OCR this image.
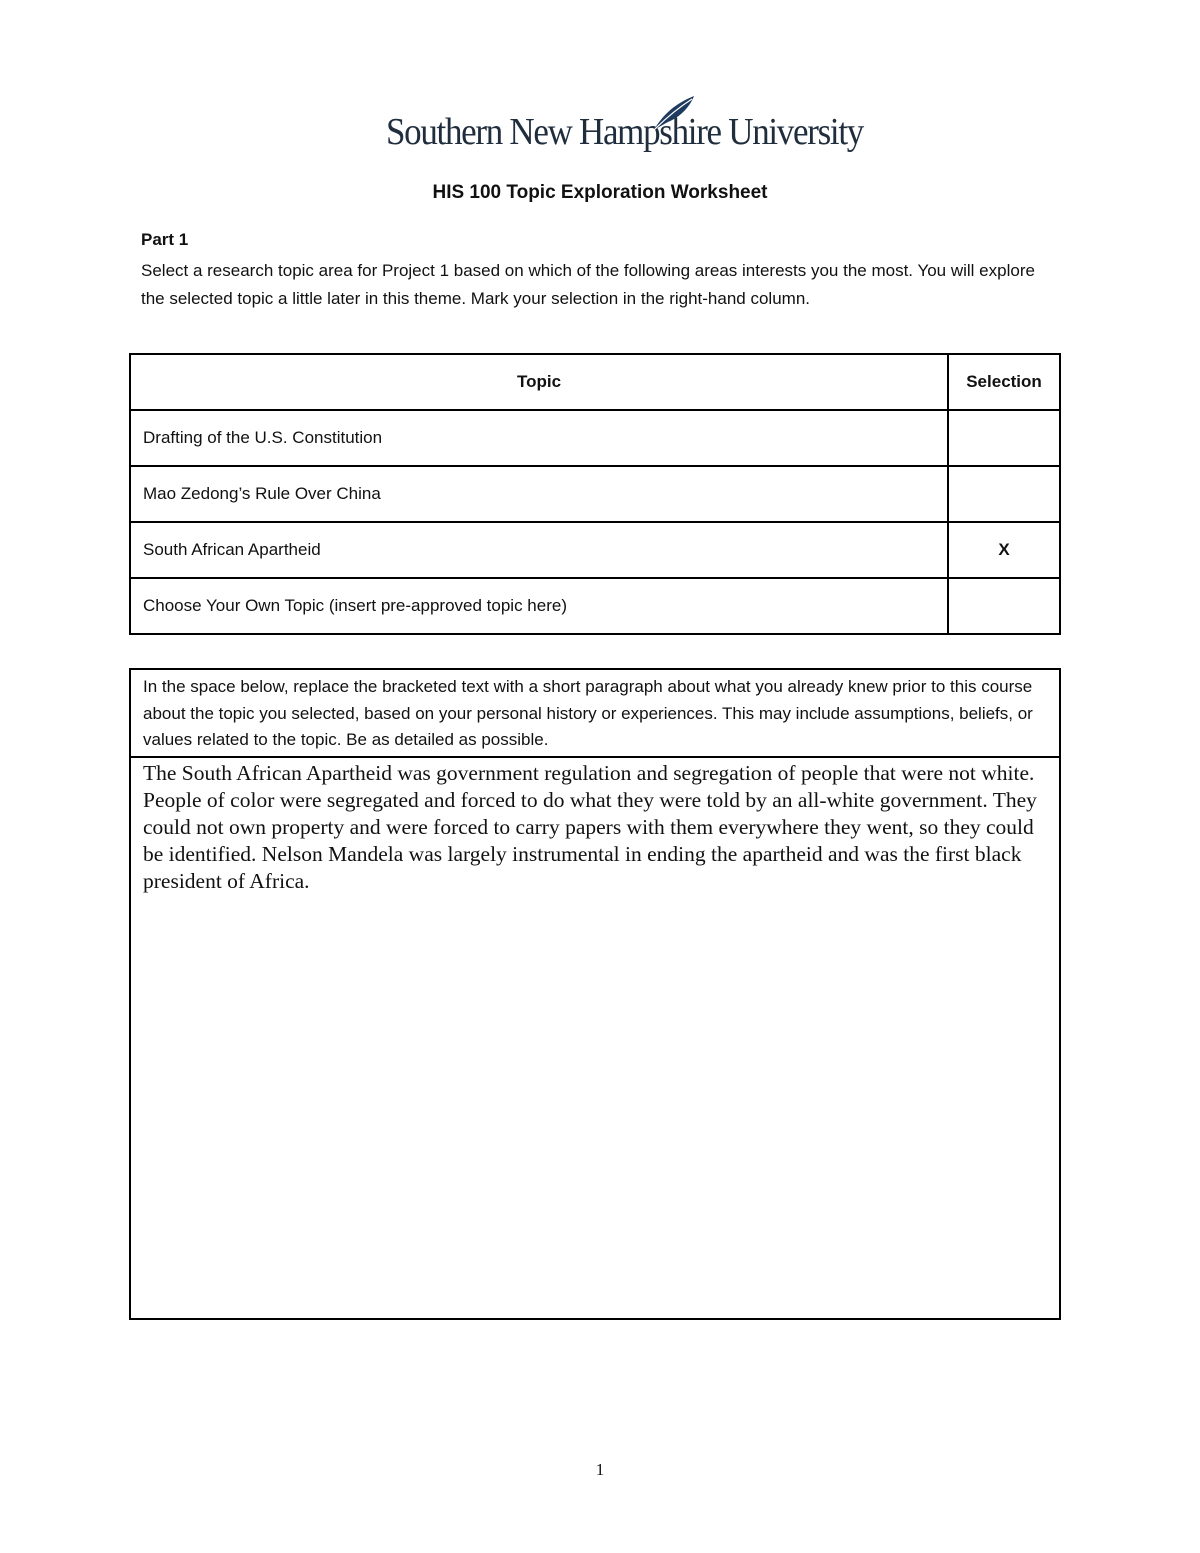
Southern New Hampshire University
HIS 100 Topic Exploration Worksheet
Part 1
Select a research topic area for Project 1 based on which of the following areas interests you the most. You will explore the selected topic a little later in this theme. Mark your selection in the right-hand column.
Topic	Selection
Drafting of the U.S. Constitution	
Mao Zedong’s Rule Over China	
South African Apartheid	X
Choose Your Own Topic (insert pre-approved topic here)	
In the space below, replace the bracketed text with a short paragraph about what you already knew prior to this course about the topic you selected, based on your personal history or experiences. This may include assumptions, beliefs, or values related to the topic. Be as detailed as possible.
The South African Apartheid was government regulation and segregation of people that were not white. People of color were segregated and forced to do what they were told by an all-white government. They could not own property and were forced to carry papers with them everywhere they went, so they could be identified. Nelson Mandela was largely instrumental in ending the apartheid and was the first black president of Africa.
1
